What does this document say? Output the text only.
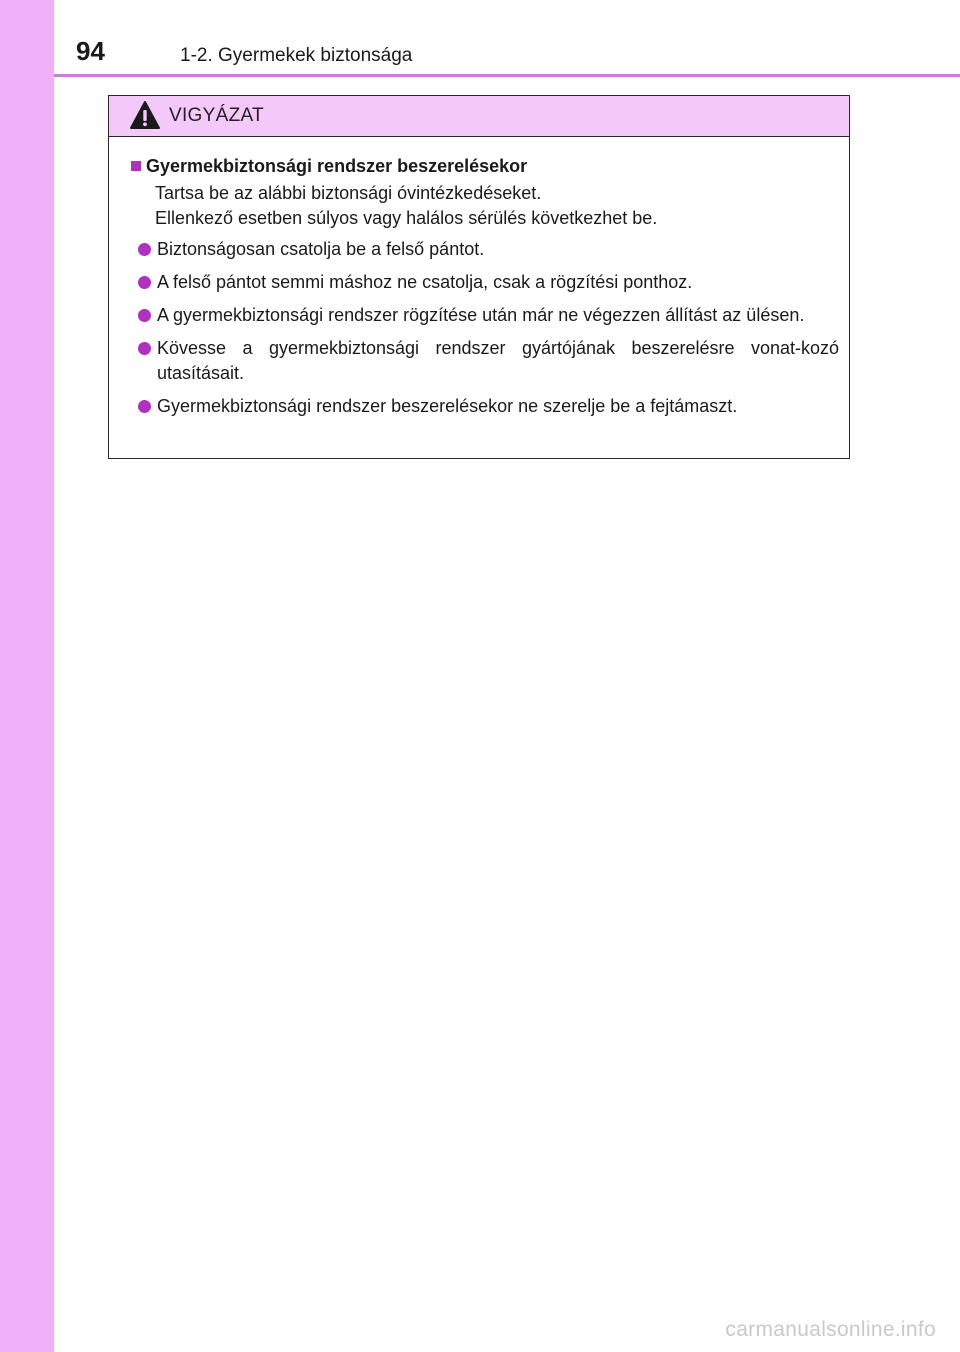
94	1-2. Gyermekek biztonsága
VIGYÁZAT
Gyermekbiztonsági rendszer beszerelésekor
Tartsa be az alábbi biztonsági óvintézkedéseket.
Ellenkező esetben súlyos vagy halálos sérülés következhet be.
Biztonságosan csatolja be a felső pántot.
A felső pántot semmi máshoz ne csatolja, csak a rögzítési ponthoz.
A gyermekbiztonsági rendszer rögzítése után már ne végezzen állítást az ülésen.
Kövesse a gyermekbiztonsági rendszer gyártójának beszerelésre vonat-kozó utasításait.
Gyermekbiztonsági rendszer beszerelésekor ne szerelje be a fejtámaszt.
carmanualsonline.info
